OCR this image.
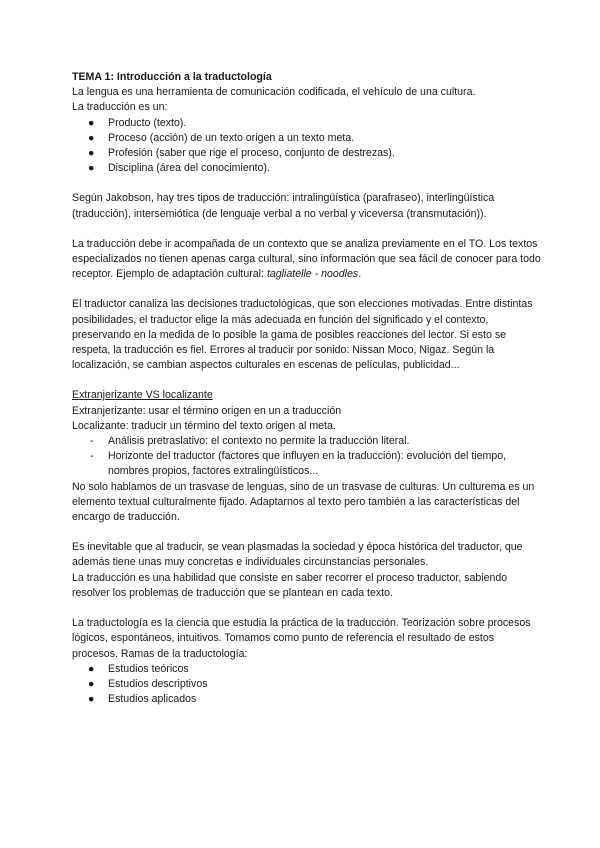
TEMA 1: Introducción a la traductología

La lengua es una herramienta de comunicación codificada, el vehículo de una cultura.

La traducción es un:

● Producto (texto).
● Proceso (acción) de un texto origen a un texto meta.
● Profesión (saber que rige el proceso, conjunto de destrezas).
● Disciplina (área del conocimiento).

Según Jakobson, hay tres tipos de traducción: intralingüística (parafraseo), interlingüística (traducción), intersemiótica (de lenguaje verbal a no verbal y viceversa (transmutación)).

La traducción debe ir acompañada de un contexto que se analiza previamente en el TO. Los textos especializados no tienen apenas carga cultural, sino información que sea fácil de conocer para todo receptor. Ejemplo de adaptación cultural: tagliatelle - noodles.

El traductor canaliza las decisiones traductológicas, que son elecciones motivadas. Entre distintas posibilidades, el traductor elige la más adecuada en función del significado y el contexto, preservando en la medida de lo posible la gama de posibles reacciones del lector. Si esto se respeta, la traducción es fiel. Errores al traducir por sonido: Nissan Moco, Nigaz. Según la localización, se cambian aspectos culturales en escenas de películas, publicidad...

Extranjerizante VS localizante

Extranjerizante: usar el término origen en un a traducción

Localizante: traducir un término del texto origen al meta.

- Análisis pretraslativo: el contexto no permite la traducción literal.
- Horizonte del traductor (factores que influyen en la traducción): evolución del tiempo, nombres propios, factores extralingüísticos...

No solo hablamos de un trasvase de lenguas, sino de un trasvase de culturas. Un culturema es un elemento textual culturalmente fijado. Adaptarnos al texto pero también a las características del encargo de traducción.

Es inevitable que al traducir, se vean plasmadas la sociedad y época histórica del traductor, que además tiene unas muy concretas e individuales circunstancias personales.

La traducción es una habilidad que consiste en saber recorrer el proceso traductor, sabiendo resolver los problemas de traducción que se plantean en cada texto.

La traductología es la ciencia que estudia la práctica de la traducción. Teorización sobre procesos lógicos, espontáneos, intuitivos. Tomamos como punto de referencia el resultado de estos procesos. Ramas de la traductología:

● Estudios teóricos
● Estudios descriptivos
● Estudios aplicados
